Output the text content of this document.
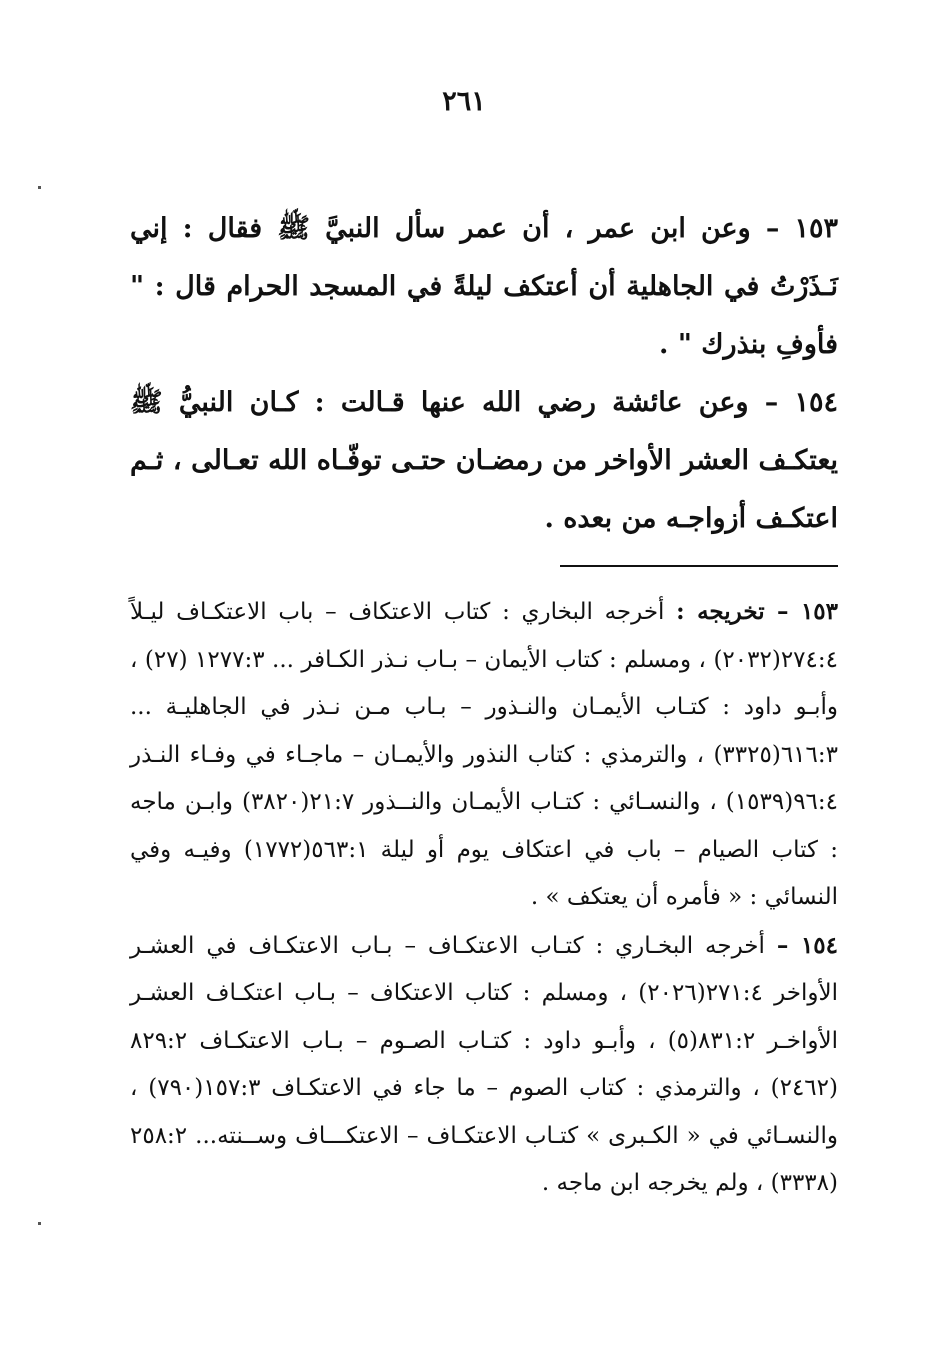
٢٦١

١٥٣ – وعن ابن عمر ، أن عمر سأل النبيَّ ﷺ فقال : إني نَـذَرْتُ في الجاهلية أن أعتكف ليلةً في المسجد الحرام قال : " فأوفِ بنذرك " .

١٥٤ – وعن عائشة رضي الله عنها قـالت : كـان النبيُّ ﷺ يعتكـف العشر الأواخر من رمضـان حتـى توفّـاه الله تعـالى ، ثـم اعتكـف أزواجـه من بعده .

١٥٣ – تخريجه : أخرجه البخاري : كتاب الاعتكاف – باب الاعتكـاف ليـلاً ٢٧٤:٤(٢٠٣٢) ، ومسلم : كتاب الأيمان – بـاب نـذر الكـافر ... ١٢٧٧:٣ (٢٧) ، وأبـو داود : كتـاب الأيمـان والنـذور – بـاب مـن نـذر في الجاهليـة ... ٦١٦:٣(٣٣٢٥) ، والترمذي : كتاب النذور والأيمـان – ماجـاء في وفـاء النـذر ٩٦:٤(١٥٣٩) ، والنسـائي : كتـاب الأيمـان والنــذور ٢١:٧(٣٨٢٠) وابـن ماجه : كتاب الصيام – باب في اعتكاف يوم أو ليلة ٥٦٣:١(١٧٧٢) وفيـه وفي النسائي : « فأمره أن يعتكف » .

١٥٤ – أخرجه البخـاري : كتـاب الاعتكـاف – بـاب الاعتكـاف في العشـر الأواخر ٢٧١:٤(٢٠٢٦) ، ومسلم : كتاب الاعتكاف – بـاب اعتكـاف العشـر الأواخـر ٨٣١:٢(٥) ، وأبـو داود : كتـاب الصـوم – بـاب الاعتكـاف ٨٢٩:٢ (٢٤٦٢) ، والترمذي : كتاب الصوم – ما جاء في الاعتكـاف ١٥٧:٣(٧٩٠) ، والنسـائي في « الكـبرى » كتـاب الاعتكـاف – الاعتكـــاف وســنته... ٢٥٨:٢ (٣٣٣٨) ، ولم يخرجه ابن ماجه .
